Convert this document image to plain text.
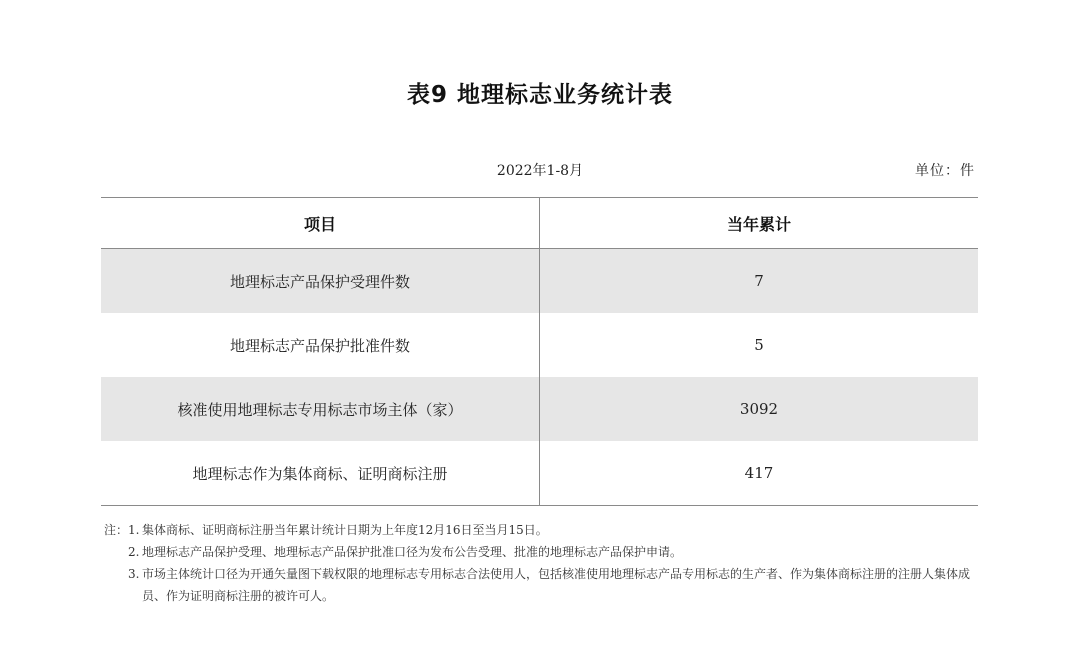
表9 地理标志业务统计表
2022年1-8月	单位：件
项目	当年累计
地理标志产品保护受理件数	7
地理标志产品保护批准件数	5
核准使用地理标志专用标志市场主体（家）	3092
地理标志作为集体商标、证明商标注册	417
注： 1. 集体商标、证明商标注册当年累计统计日期为上年度12月16日至当月15日。
2. 地理标志产品保护受理、地理标志产品保护批准口径为发布公告受理、批准的地理标志产品保护申请。
3. 市场主体统计口径为开通矢量图下载权限的地理标志专用标志合法使用人，包括核准使用地理标志产品专用标志的生产者、作为集体商标注册的注册人集体成员、作为证明商标注册的被许可人。
